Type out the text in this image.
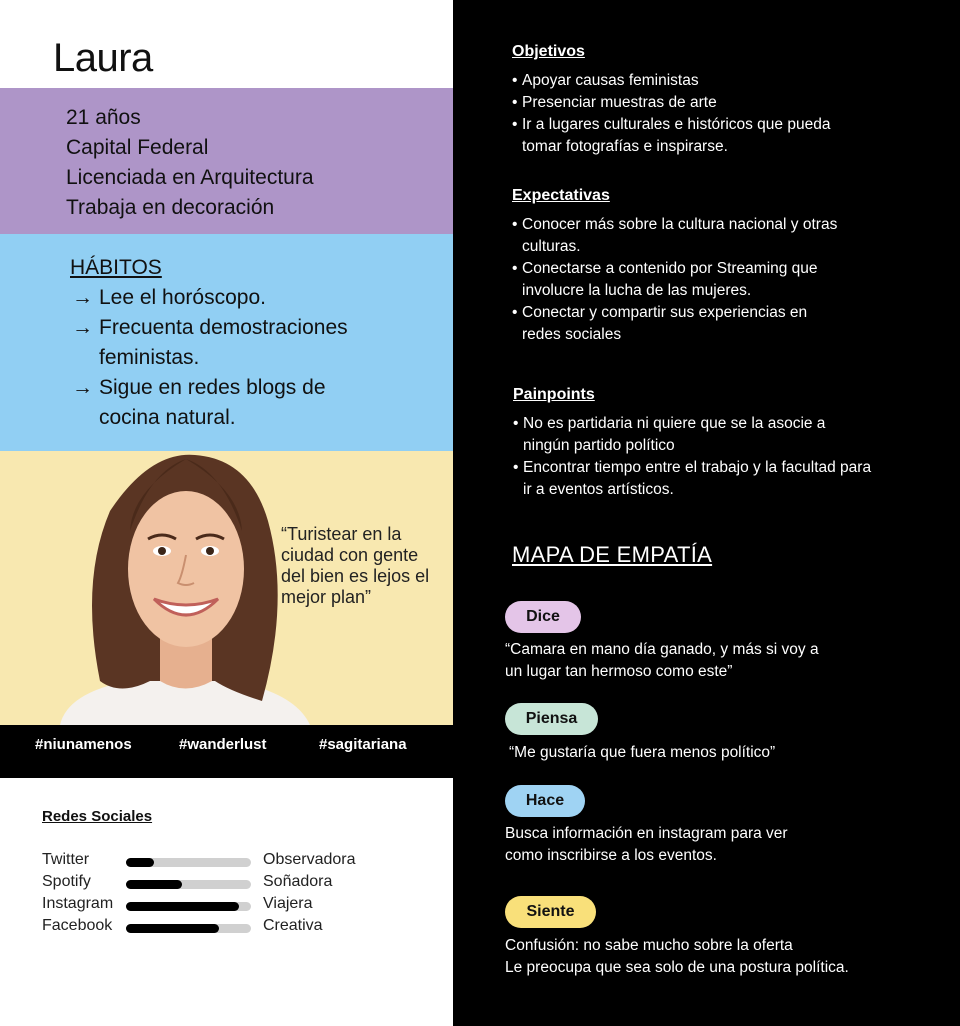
Laura
21 años
Capital Federal
Licenciada en Arquitectura
Trabaja en decoración
HÁBITOS
→ Lee el horóscopo.
→ Frecuenta demostraciones feministas.
→ Sigue en redes blogs de cocina natural.
“Turistear en la ciudad con gente del bien es lejos el mejor plan”
#niunamenos	#wanderlust	#sagitariana
Redes Sociales
Twitter	Observadora
Spotify	Soñadora
Instagram	Viajera
Facebook	Creativa
Objetivos
• Apoyar causas feministas
• Presenciar muestras de arte
• Ir a lugares culturales e históricos que pueda tomar fotografías e inspirarse.
Expectativas
• Conocer más sobre la cultura nacional y otras culturas.
• Conectarse a contenido por Streaming que involucre la lucha de las mujeres.
• Conectar y compartir sus experiencias en redes sociales
Painpoints
• No es partidaria ni quiere que se la asocie a ningún partido político
• Encontrar tiempo entre el trabajo y la facultad para ir a eventos artísticos.
MAPA DE EMPATÍA
Dice
“Camara en mano día ganado, y más si voy a un lugar tan hermoso como este”
Piensa
“Me gustaría que fuera menos político”
Hace
Busca información en instagram para ver como inscribirse a los eventos.
Siente
Confusión: no sabe mucho sobre la oferta
Le preocupa que sea solo de una postura política.
